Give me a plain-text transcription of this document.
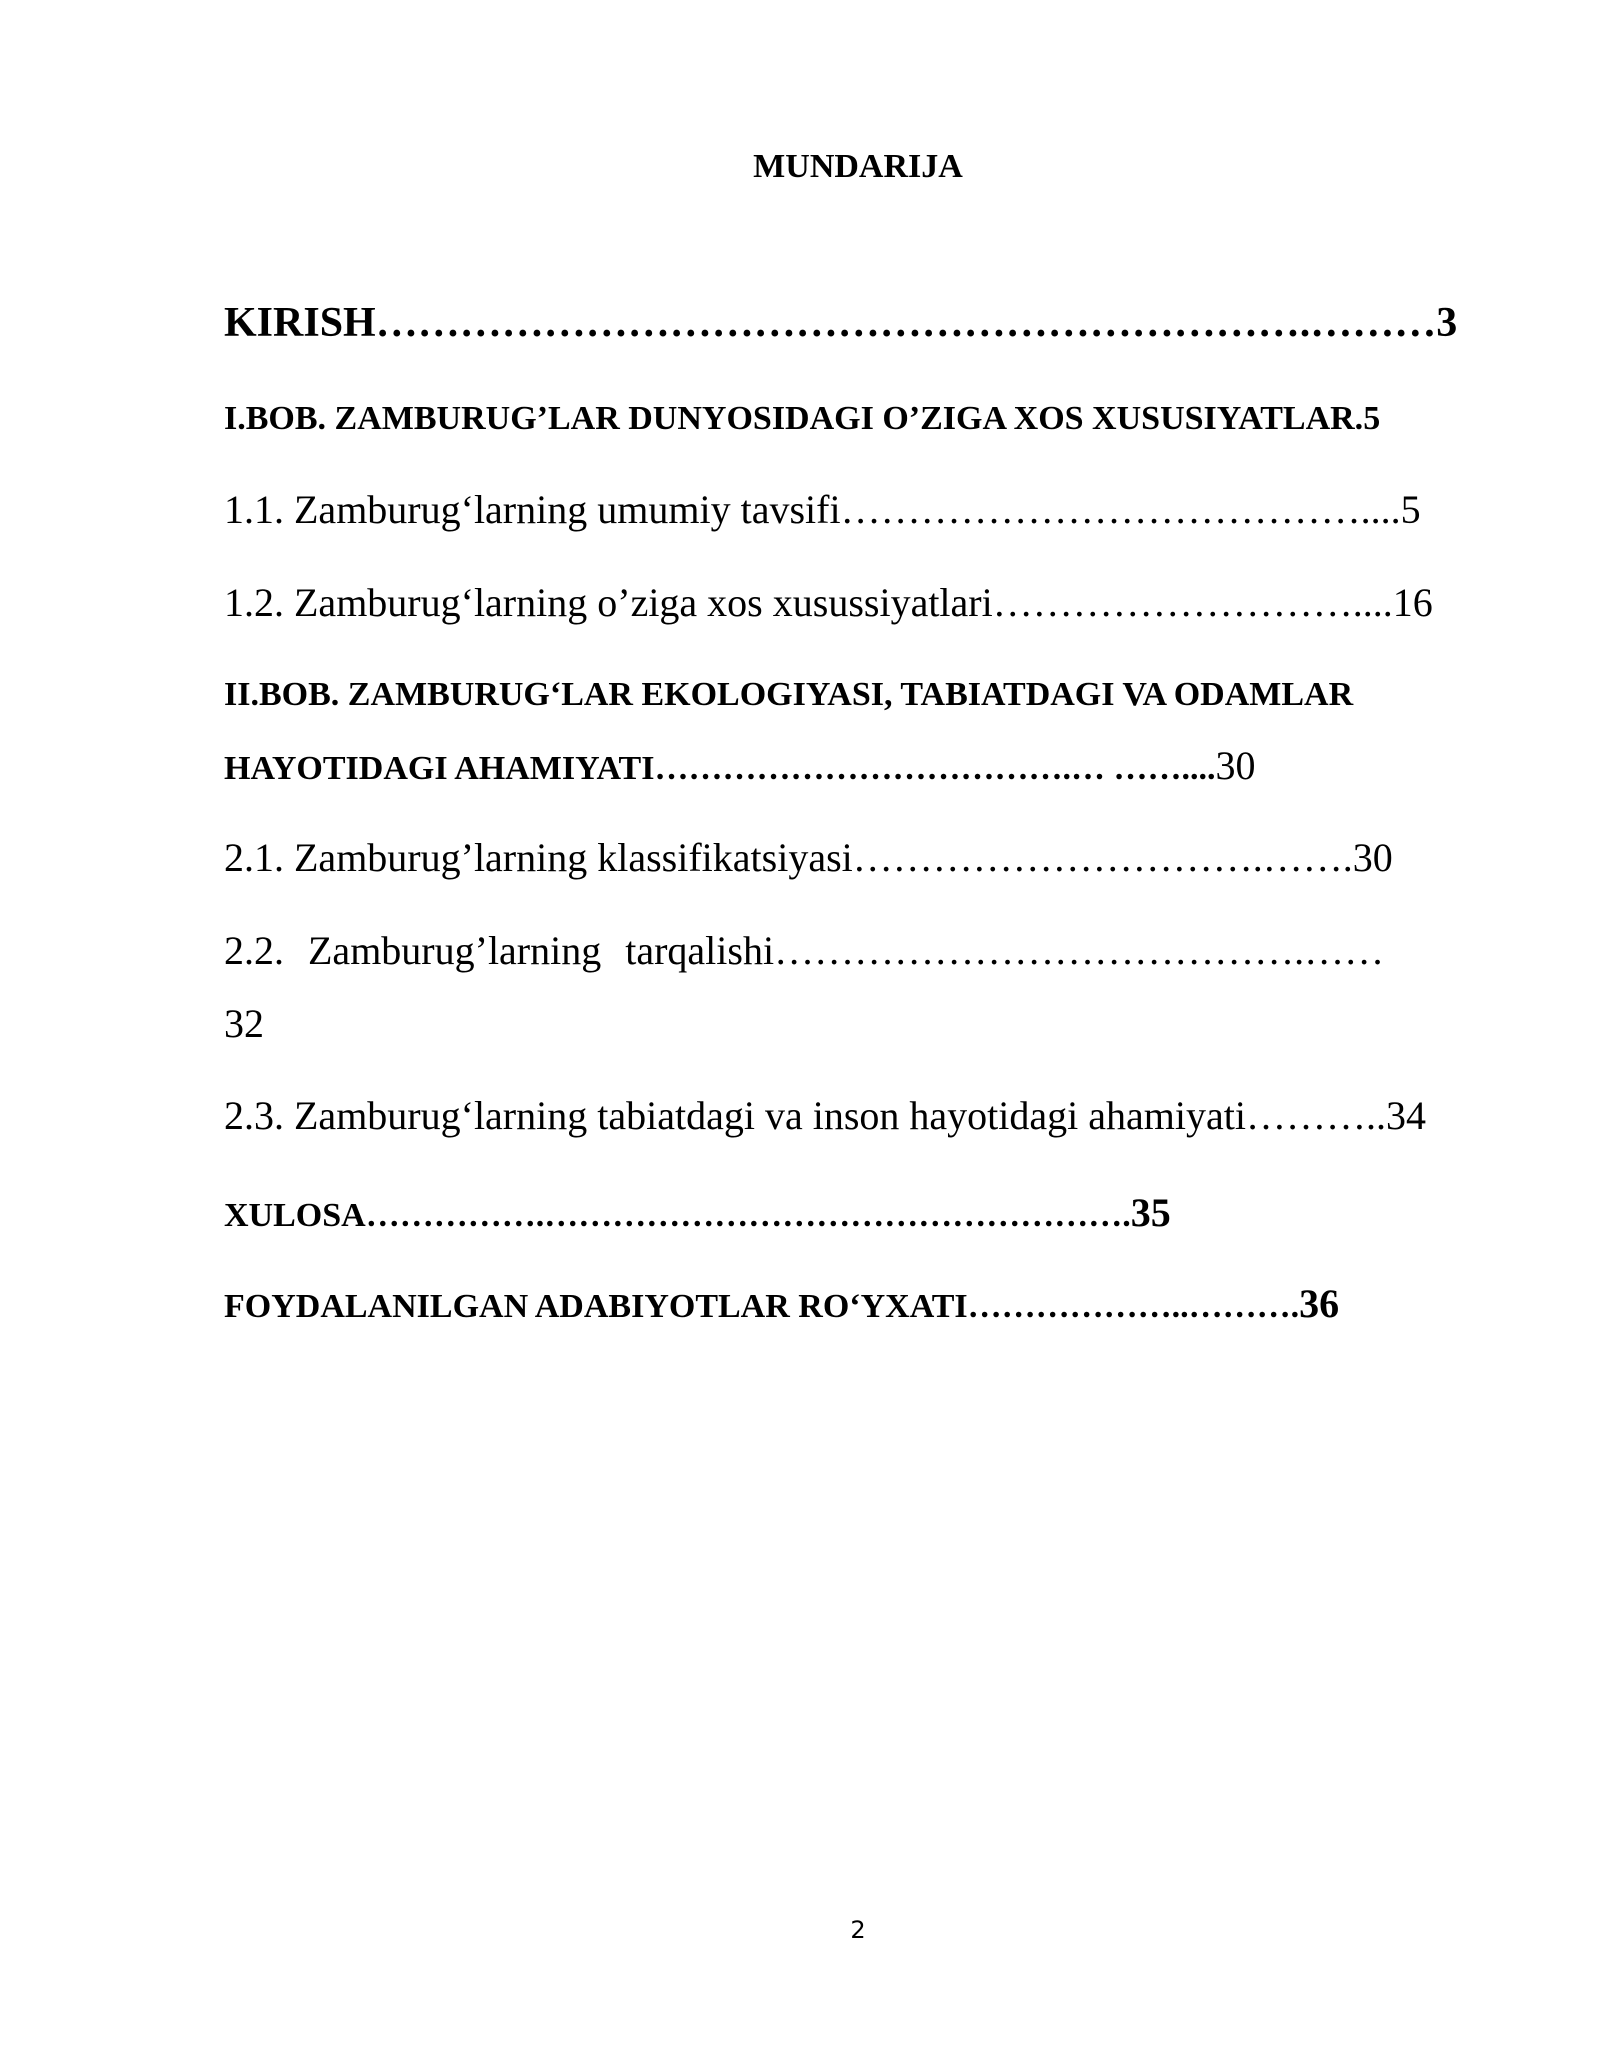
MUNDARIJA
KIRISH………………………………………………………….………3
I.BOB. ZAMBURUG’LAR DUNYOSIDAGI O’ZIGA XOS XUSUSIYATLAR.5
1.1. Zamburug‘larning umumiy tavsifi…………………………………....5
1.2. Zamburug‘larning o’ziga xos xusussiyatlari………………………....16
II.BOB. ZAMBURUG‘LAR EKOLOGIYASI, TABIATDAGI VA ODAMLAR
HAYOTIDAGI AHAMIYATI……………………………….… ……....30
2.1. Zamburug’larning klassifikatsiyasi………………………….…….30
2.2. Zamburug’larning tarqalishi………………………………….……
32
2.3. Zamburug‘larning tabiatdagi va inson hayotidagi ahamiyati………..34
XULOSA…………….…………………………………………….35
FOYDALANILGAN ADABIYOTLAR RO‘YXATI………………..……….36
2
